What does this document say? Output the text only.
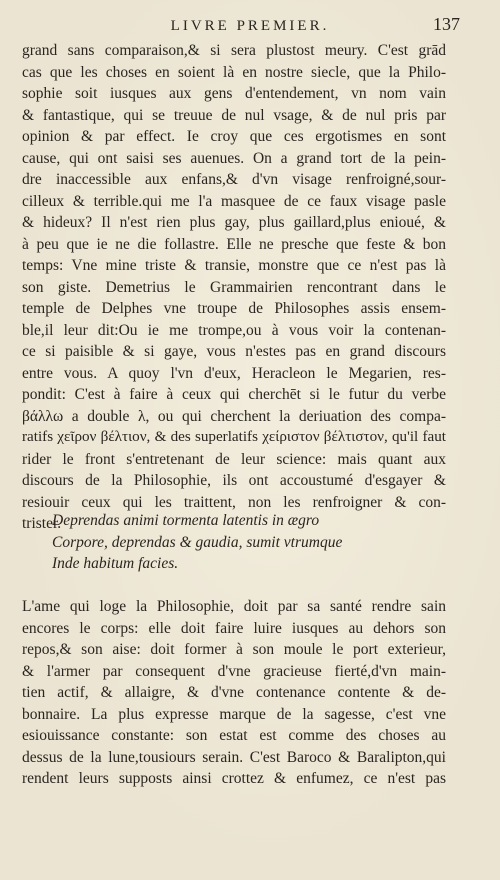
LIVRE PREMIER.	137
grand sans comparaison,& si sera plustost meury. C'est grād
cas que les choses en soient là en nostre siecle, que la Philo-
sophie soit iusques aux gens d'entendement, vn nom vain
& fantastique, qui se treuue de nul vsage, & de nul pris par
opinion & par effect. Ie croy que ces ergotismes en sont
cause, qui ont saisi ses auenues. On a grand tort de la pein-
dre inaccessible aux enfans,& d'vn visage renfroigné,sour-
cilleux & terrible.qui me l'a masquee de ce faux visage pasle
& hideux? Il n'est rien plus gay, plus gaillard,plus enioué, &
à peu que ie ne die follastre. Elle ne presche que feste & bon
temps: Vne mine triste & transie, monstre que ce n'est pas là
son giste. Demetrius le Grammairien rencontrant dans le
temple de Delphes vne troupe de Philosophes assis ensem-
ble,il leur dit:Ou ie me trompe,ou à vous voir la contenan-
ce si paisible & si gaye, vous n'estes pas en grand discours
entre vous. A quoy l'vn d'eux, Heracleon le Megarien, res-
pondit: C'est à faire à ceux qui cherchēt si le futur du verbe
βάλλω a double λ, ou qui cherchent la deriuation des compa-
ratifs χεῖρον βέλτιον, & des superlatifs χείριστον βέλτιστον, qu'il faut
rider le front s'entretenant de leur science: mais quant aux
discours de la Philosophie, ils ont accoustumé d'esgayer &
resiouir ceux qui les traittent, non les renfroigner & con-
trister.
Deprendas animi tormenta latentis in ægro
Corpore, deprendas & gaudia, sumit vtrumque
Inde habitum facies.
L'ame qui loge la Philosophie, doit par sa santé rendre sain
encores le corps: elle doit faire luire iusques au dehors son
repos,& son aise: doit former à son moule le port exterieur,
& l'armer par consequent d'vne gracieuse fierté,d'vn main-
tien actif, & allaigre, & d'vne contenance contente & de-
bonnaire. La plus expresse marque de la sagesse, c'est vne
esiouissance constante: son estat est comme des choses au
dessus de la lune,tousiours serain. C'est Baroco & Baralipton,qui
rendent leurs supposts ainsi crottez & enfumez, ce n'est pas
